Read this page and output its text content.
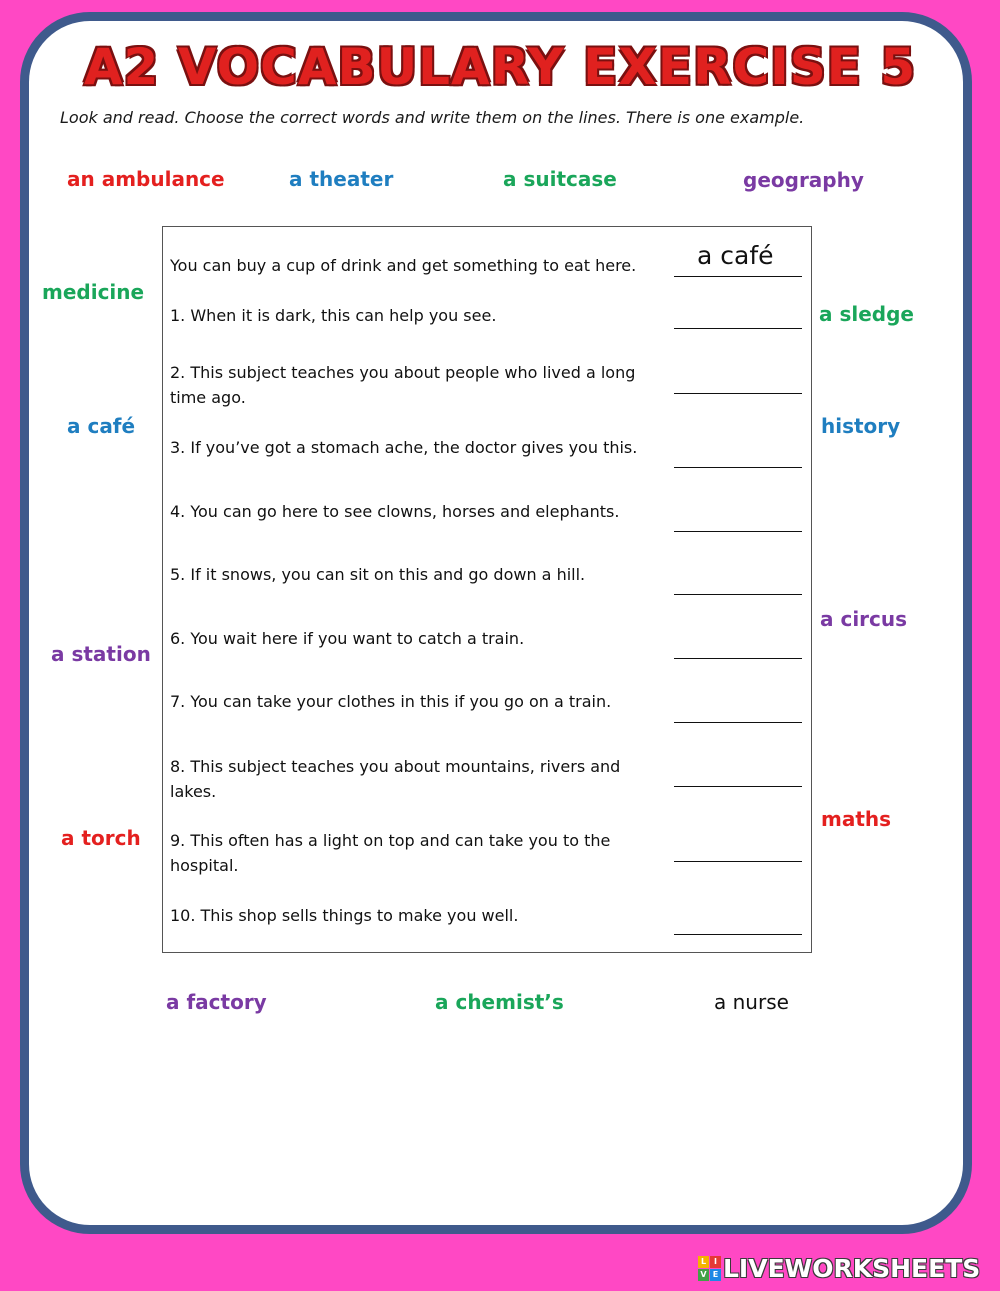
A2 VOCABULARY EXERCISE 5
Look and read. Choose the correct words and write them on the lines. There is one example.
an ambulance	a theater	a suitcase	geography
medicine
a sledge
a café	history
a circus
a station
a torch
maths
a factory	a chemist’s	a nurse
You can buy a cup of drink and get something to eat here.	a café
1. When it is dark, this can help you see.
2. This subject teaches you about people who lived a long time ago.
3. If you’ve got a stomach ache, the doctor gives you this.
4. You can go here to see clowns, horses and elephants.
5. If it snows, you can sit on this and go down a hill.
6. You wait here if you want to catch a train.
7. You can take your clothes in this if you go on a train.
8. This subject teaches you about mountains, rivers and lakes.
9. This often has a light on top and can take you to the hospital.
10. This shop sells things to make you well.
L I
V E LIVEWORKSHEETS
